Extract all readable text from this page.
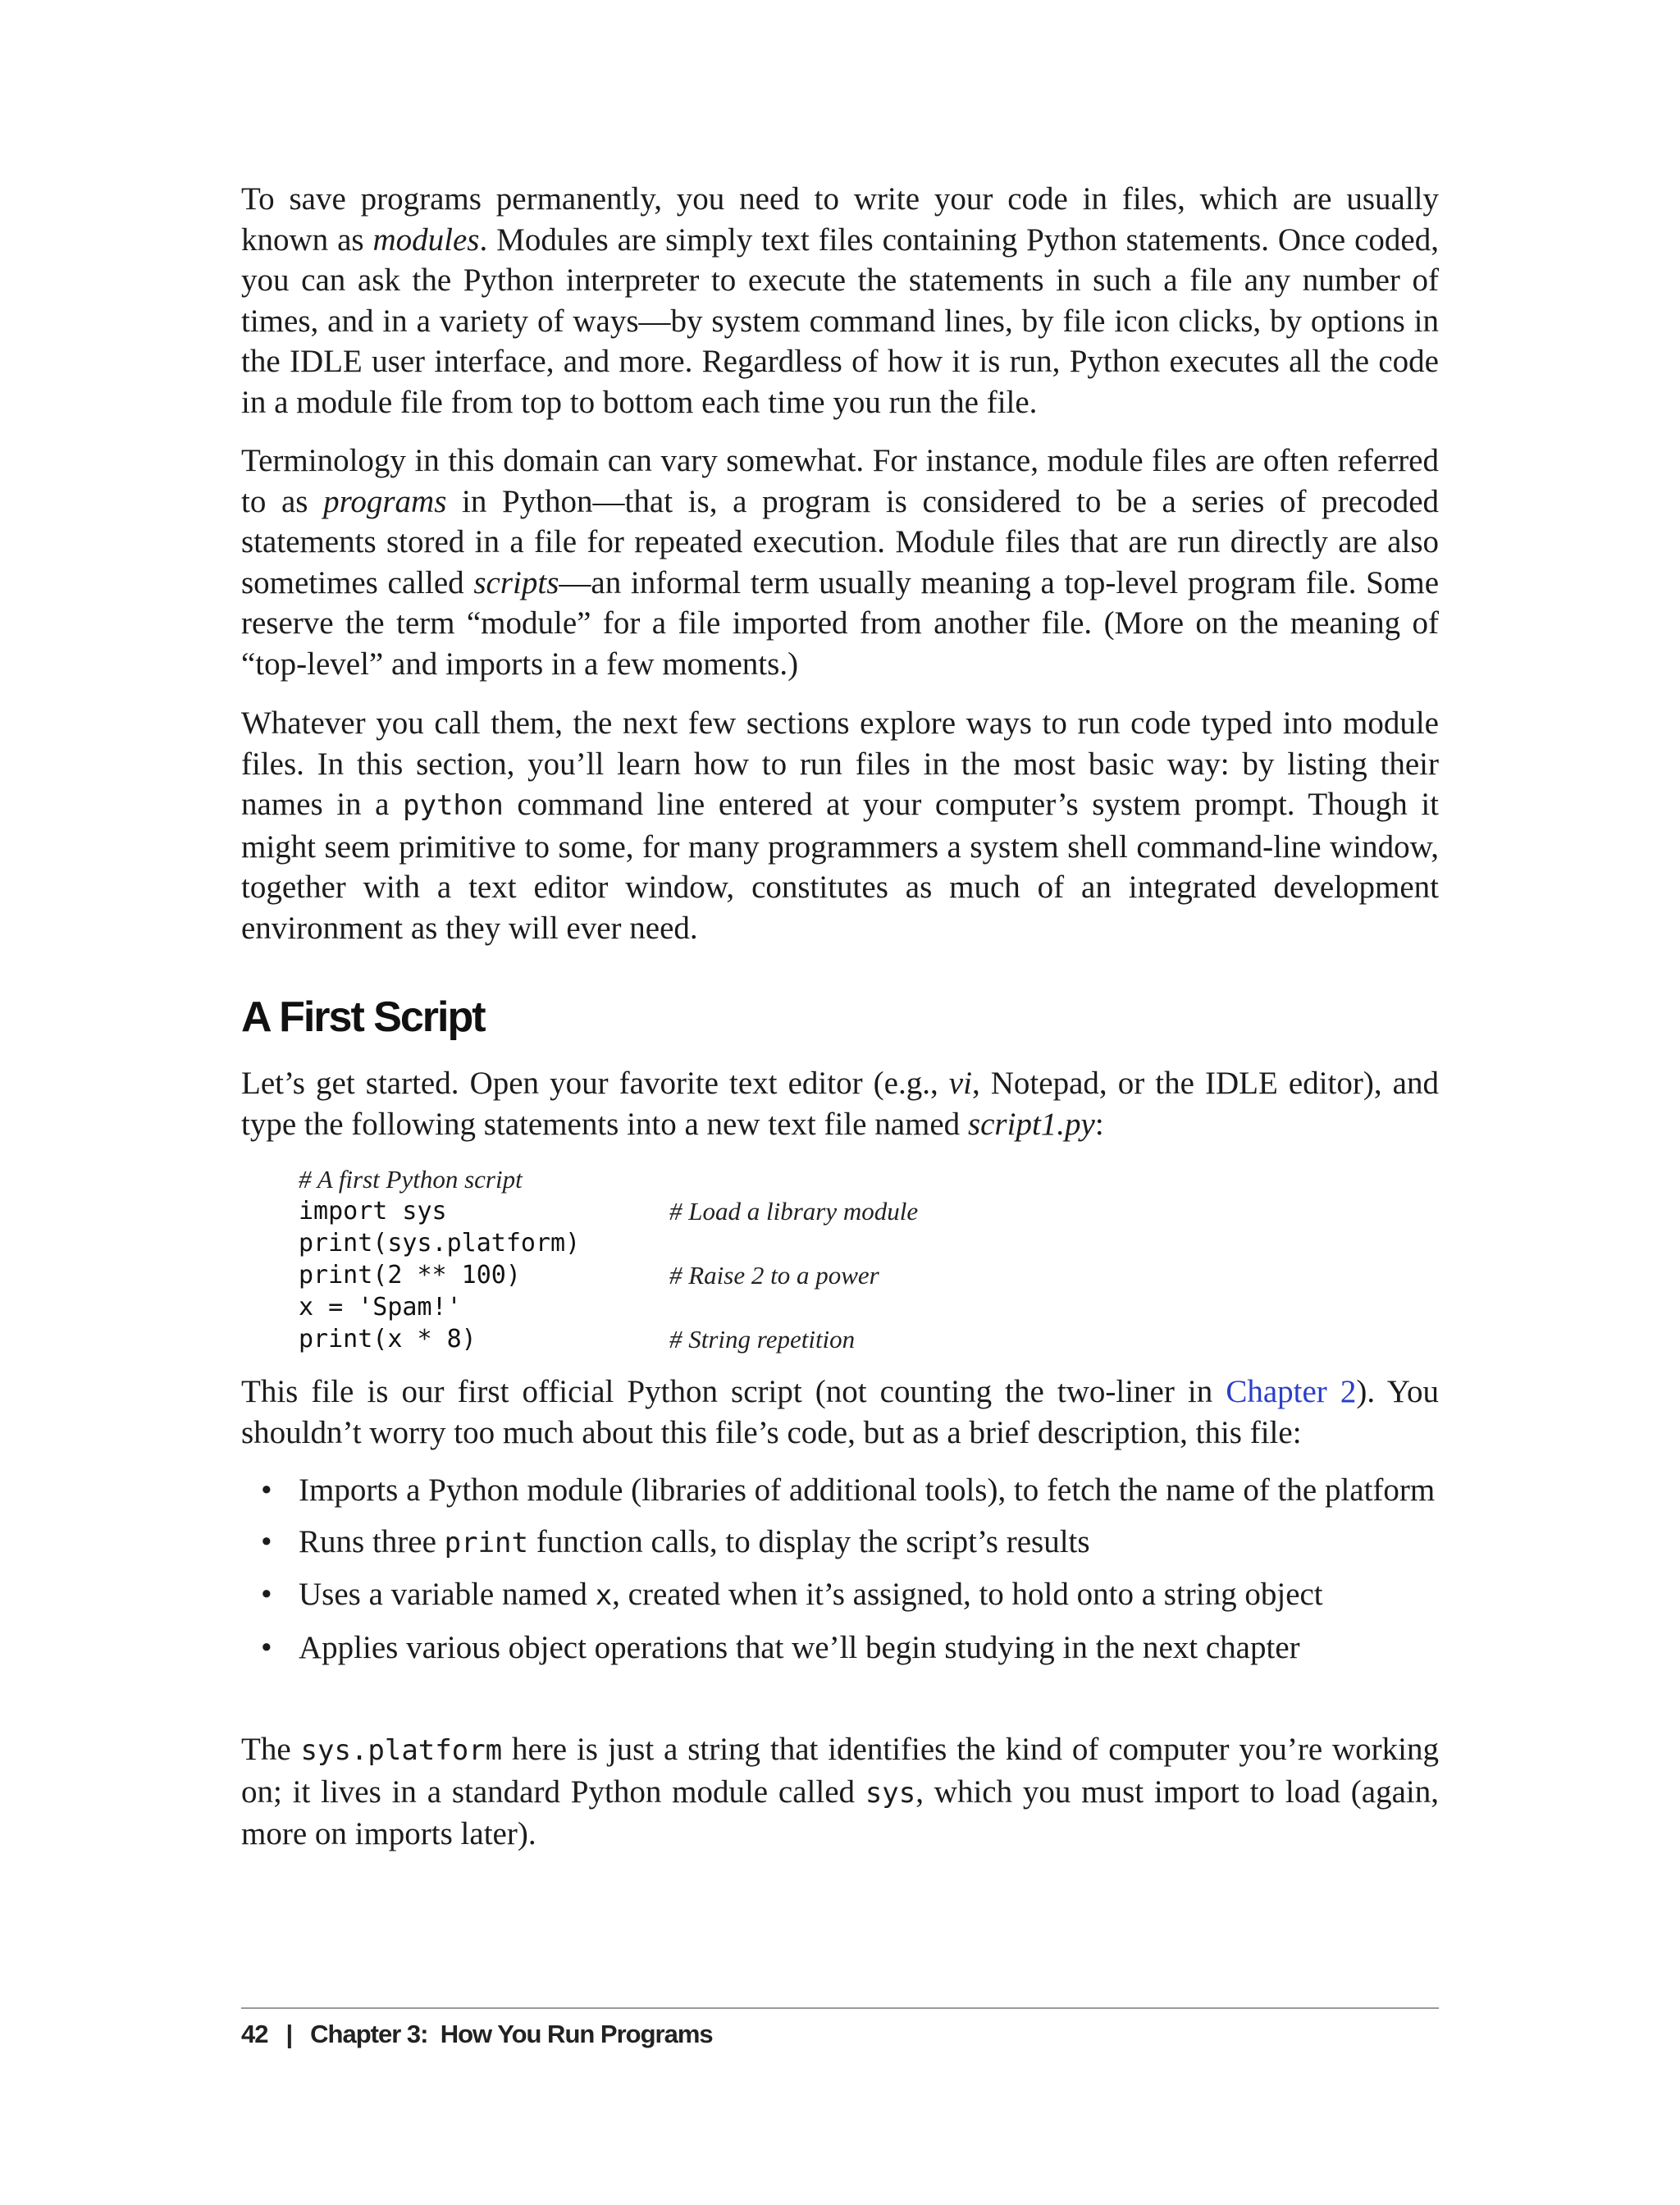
To save programs permanently, you need to write your code in files, which are usually known as modules. Modules are simply text files containing Python statements. Once coded, you can ask the Python interpreter to execute the statements in such a file any number of times, and in a variety of ways—by system command lines, by file icon clicks, by options in the IDLE user interface, and more. Regardless of how it is run, Python executes all the code in a module file from top to bottom each time you run the file.

Terminology in this domain can vary somewhat. For instance, module files are often referred to as programs in Python—that is, a program is considered to be a series of precoded statements stored in a file for repeated execution. Module files that are run directly are also sometimes called scripts—an informal term usually meaning a top-level program file. Some reserve the term “module” for a file imported from another file. (More on the meaning of “top-level” and imports in a few moments.)

Whatever you call them, the next few sections explore ways to run code typed into module files. In this section, you’ll learn how to run files in the most basic way: by listing their names in a python command line entered at your computer’s system prompt. Though it might seem primitive to some, for many programmers a system shell command-line window, together with a text editor window, constitutes as much of an integrated development environment as they will ever need.

A First Script

Let’s get started. Open your favorite text editor (e.g., vi, Notepad, or the IDLE editor), and type the following statements into a new text file named script1.py:

# A first Python script
import sys	# Load a library module
print(sys.platform)
print(2 ** 100)	# Raise 2 to a power
x = 'Spam!'
print(x * 8)	# String repetition

This file is our first official Python script (not counting the two-liner in Chapter 2). You shouldn’t worry too much about this file’s code, but as a brief description, this file:

• Imports a Python module (libraries of additional tools), to fetch the name of the platform
• Runs three print function calls, to display the script’s results
• Uses a variable named x, created when it’s assigned, to hold onto a string object
• Applies various object operations that we’ll begin studying in the next chapter

The sys.platform here is just a string that identifies the kind of computer you’re working on; it lives in a standard Python module called sys, which you must import to load (again, more on imports later).

42 | Chapter 3:  How You Run Programs
